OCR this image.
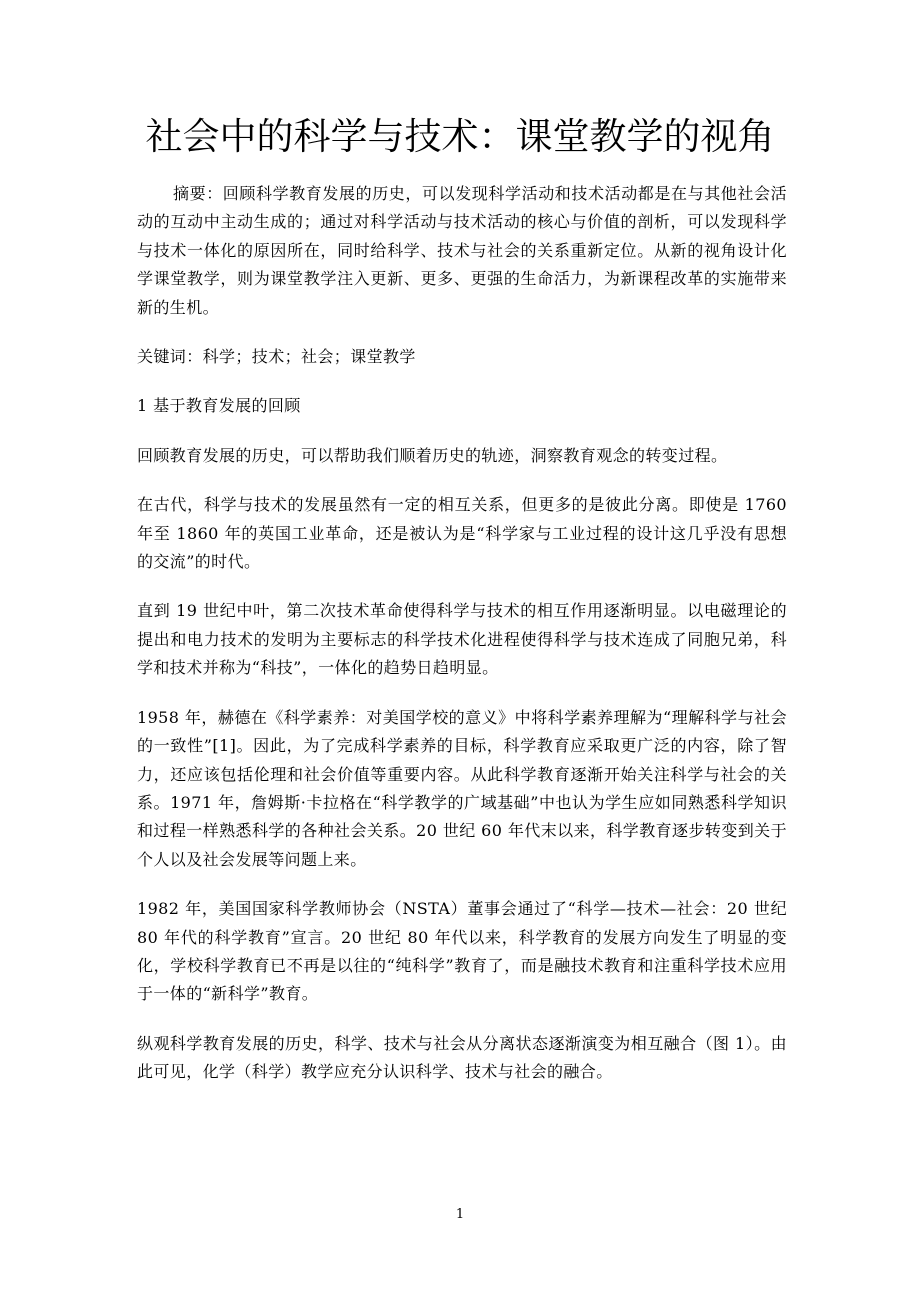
社会中的科学与技术：课堂教学的视角

摘要：回顾科学教育发展的历史，可以发现科学活动和技术活动都是在与其他社会活动的互动中主动生成的；通过对科学活动与技术活动的核心与价值的剖析，可以发现科学与技术一体化的原因所在，同时给科学、技术与社会的关系重新定位。从新的视角设计化学课堂教学，则为课堂教学注入更新、更多、更强的生命活力，为新课程改革的实施带来新的生机。

关键词：科学；技术；社会；课堂教学

1 基于教育发展的回顾

回顾教育发展的历史，可以帮助我们顺着历史的轨迹，洞察教育观念的转变过程。

在古代，科学与技术的发展虽然有一定的相互关系，但更多的是彼此分离。即使是 1760 年至 1860 年的英国工业革命，还是被认为是“科学家与工业过程的设计这几乎没有思想的交流”的时代。

直到 19 世纪中叶，第二次技术革命使得科学与技术的相互作用逐渐明显。以电磁理论的提出和电力技术的发明为主要标志的科学技术化进程使得科学与技术连成了同胞兄弟，科学和技术并称为“科技”，一体化的趋势日趋明显。

1958 年，赫德在《科学素养：对美国学校的意义》中将科学素养理解为“理解科学与社会的一致性”[1]。因此，为了完成科学素养的目标，科学教育应采取更广泛的内容，除了智力，还应该包括伦理和社会价值等重要内容。从此科学教育逐渐开始关注科学与社会的关系。1971 年，詹姆斯·卡拉格在“科学教学的广域基础”中也认为学生应如同熟悉科学知识和过程一样熟悉科学的各种社会关系。20 世纪 60 年代末以来，科学教育逐步转变到关于个人以及社会发展等问题上来。

1982 年，美国国家科学教师协会（NSTA）董事会通过了“科学—技术—社会：20 世纪 80 年代的科学教育”宣言。20 世纪 80 年代以来，科学教育的发展方向发生了明显的变化，学校科学教育已不再是以往的“纯科学”教育了，而是融技术教育和注重科学技术应用于一体的“新科学”教育。

纵观科学教育发展的历史，科学、技术与社会从分离状态逐渐演变为相互融合（图 1）。由此可见，化学（科学）教学应充分认识科学、技术与社会的融合。

1
